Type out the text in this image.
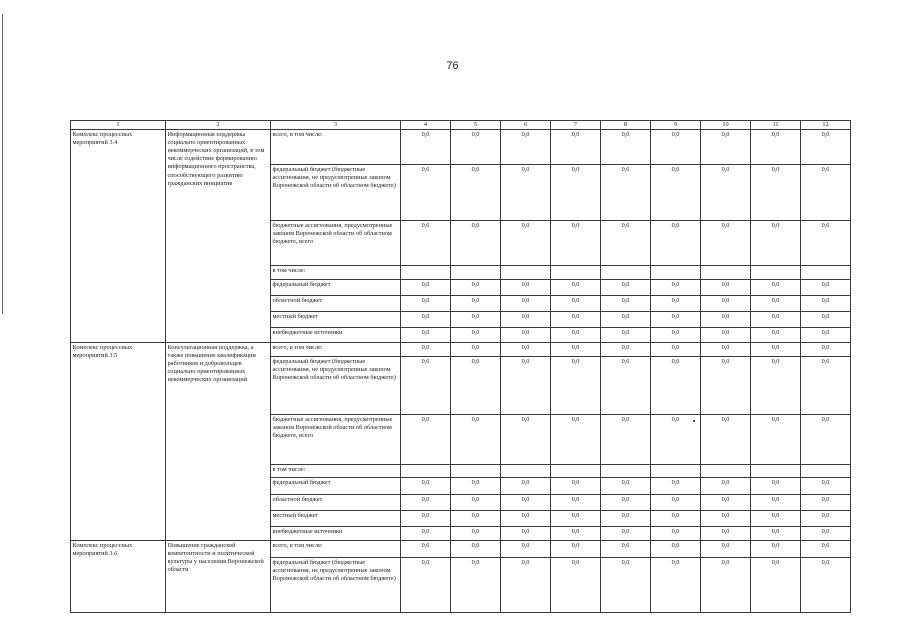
76
1	2	3	4	5	6	7	8	9	10	11	12
Комплекс процессных мероприятий 3.4	Информационная поддержка социально ориентированных некоммерческих организаций, в том числе содействие формированию информационного пространства, способствующего развитию гражданских инициатив	всего, в том числе:	0,0	0,0	0,0	0,0	0,0	0,0	0,0	0,0	0,0
		федеральный бюджет (бюджетные ассигнования, не предусмотренные законом Воронежской области об областном бюджете)	0,0	0,0	0,0	0,0	0,0	0,0	0,0	0,0	0,0
		бюджетные ассигнования, предусмотренные законом Воронежской области об областном бюджете, всего	0,0	0,0	0,0	0,0	0,0	0,0	0,0	0,0	0,0
		в том числе:									
		федеральный бюджет	0,0	0,0	0,0	0,0	0,0	0,0	0,0	0,0	0,0
		областной бюджет	0,0	0,0	0,0	0,0	0,0	0,0	0,0	0,0	0,0
		местный бюджет	0,0	0,0	0,0	0,0	0,0	0,0	0,0	0,0	0,0
		внебюджетные источники	0,0	0,0	0,0	0,0	0,0	0,0	0,0	0,0	0,0
Комплекс процессных мероприятий 3.5	Консультационная поддержка, а также повышение квалификации работников и добровольцев социально ориентированных некоммерческих организаций	всего, в том числе:	0,0	0,0	0,0	0,0	0,0	0,0	0,0	0,0	0,0
		федеральный бюджет (бюджетные ассигнования, не предусмотренные законом Воронежской области об областном бюджете)	0,0	0,0	0,0	0,0	0,0	0,0	0,0	0,0	0,0
		бюджетные ассигнования, предусмотренные законом Воронежской области об областном бюджете, всего	0,0	0,0	0,0	0,0	0,0	0,0	0,0	0,0	0,0
		в том числе:									
		федеральный бюджет	0,0	0,0	0,0	0,0	0,0	0,0	0,0	0,0	0,0
		областной бюджет	0,0	0,0	0,0	0,0	0,0	0,0	0,0	0,0	0,0
		местный бюджет	0,0	0,0	0,0	0,0	0,0	0,0	0,0	0,0	0,0
		внебюджетные источники	0,0	0,0	0,0	0,0	0,0	0,0	0,0	0,0	0,0
Комплекс процессных мероприятий 3.6	Повышение гражданской компетентности и политической культуры у населения Воронежской области	всего, в том числе:	0,0	0,0	0,0	0,0	0,0	0,0	0,0	0,0	0,0
		федеральный бюджет (бюджетные ассигнования, не предусмотренные законом Воронежской области об областном бюджете)	0,0	0,0	0,0	0,0	0,0	0,0	0,0	0,0	0,0
